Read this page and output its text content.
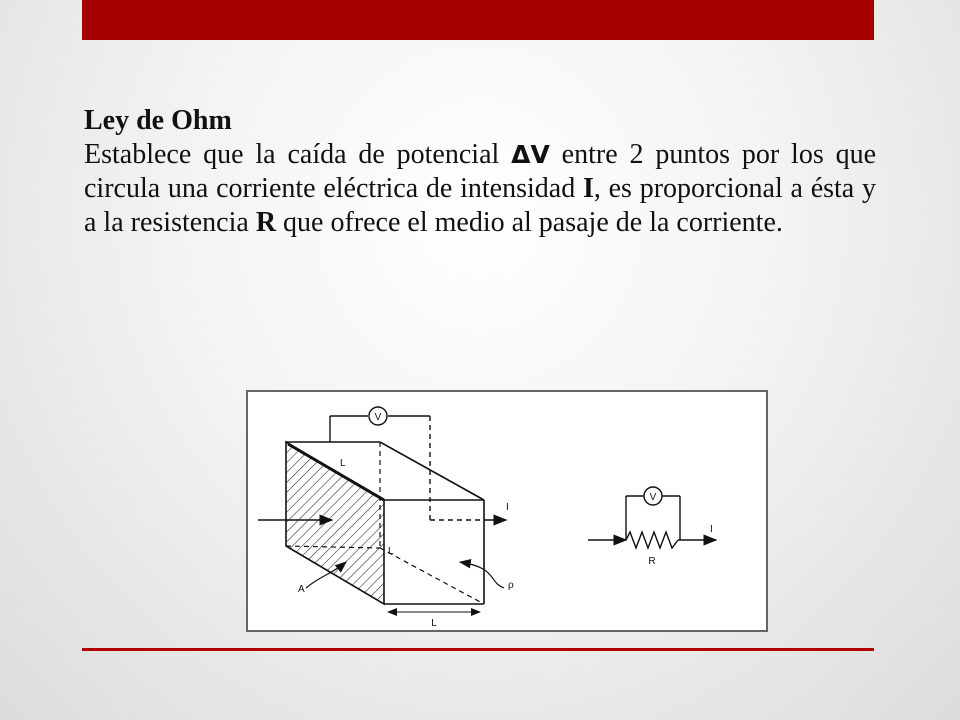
Ley de Ohm

Establece que la caída de potencial ΔV entre 2 puntos por los que circula una corriente eléctrica de intensidad I, es proporcional a ésta y a la resistencia R que ofrece el medio al pasaje de la corriente.

V
I
L
L
L
A	ρ
V
I
R
